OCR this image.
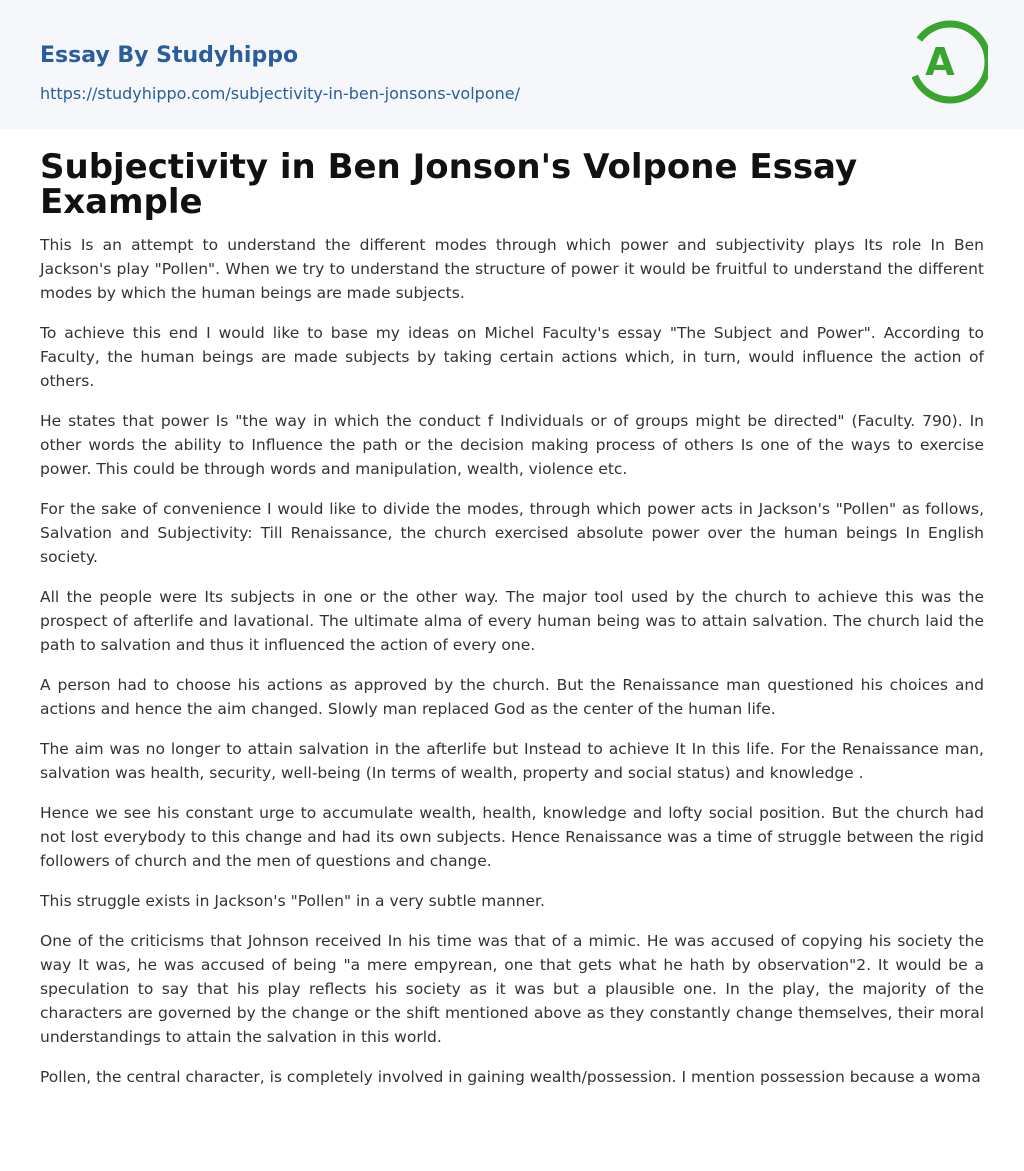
Essay By Studyhippo
https://studyhippo.com/subjectivity-in-ben-jonsons-volpone/
A
Subjectivity in Ben Jonson's Volpone Essay Example

This Is an attempt to understand the different modes through which power and subjectivity plays Its role In Ben Jackson's play "Pollen". When we try to understand the structure of power it would be fruitful to understand the different modes by which the human beings are made subjects.

To achieve this end I would like to base my ideas on Michel Faculty's essay "The Subject and Power". According to Faculty, the human beings are made subjects by taking certain actions which, in turn, would influence the action of others.

He states that power Is "the way in which the conduct f Individuals or of groups might be directed" (Faculty. 790). In other words the ability to Influence the path or the decision making process of others Is one of the ways to exercise power. This could be through words and manipulation, wealth, violence etc.

For the sake of convenience I would like to divide the modes, through which power acts in Jackson's "Pollen" as follows, Salvation and Subjectivity: Till Renaissance, the church exercised absolute power over the human beings In English society.

All the people were Its subjects in one or the other way. The major tool used by the church to achieve this was the prospect of afterlife and lavational. The ultimate alma of every human being was to attain salvation. The church laid the path to salvation and thus it influenced the action of every one.

A person had to choose his actions as approved by the church. But the Renaissance man questioned his choices and actions and hence the aim changed. Slowly man replaced God as the center of the human life.

The aim was no longer to attain salvation in the afterlife but Instead to achieve It In this life. For the Renaissance man, salvation was health, security, well-being (In terms of wealth, property and social status) and knowledge .

Hence we see his constant urge to accumulate wealth, health, knowledge and lofty social position. But the church had not lost everybody to this change and had its own subjects. Hence Renaissance was a time of struggle between the rigid followers of church and the men of questions and change.

This struggle exists in Jackson's "Pollen" in a very subtle manner.

One of the criticisms that Johnson received In his time was that of a mimic. He was accused of copying his society the way It was, he was accused of being "a mere empyrean, one that gets what he hath by observation"2. It would be a speculation to say that his play reflects his society as it was but a plausible one. In the play, the majority of the characters are governed by the change or the shift mentioned above as they constantly change themselves, their moral understandings to attain the salvation in this world.

Pollen, the central character, is completely involved in gaining wealth/possession. I mention possession because a woma
